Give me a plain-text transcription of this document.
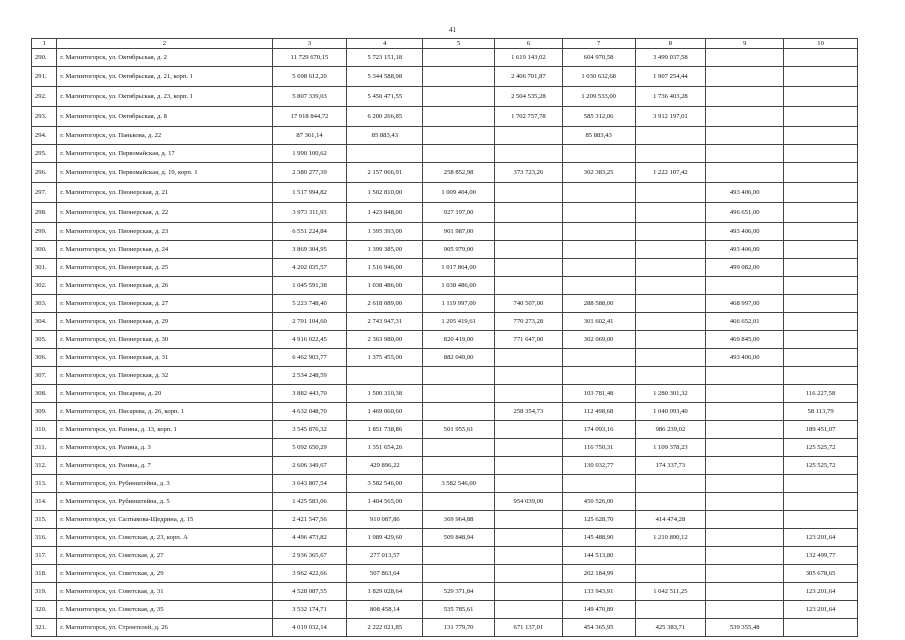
41
1	2	3	4	5	6	7	8	9	10
290.	г. Магнитогорск, ул. Октябрьская, д. 2	11 729 670,15	5 723 151,18		1 619 143,02	604 970,58	3 499 037,58		
291.	г. Магнитогорск, ул. Октябрьская, д. 21, корп. 1	5 698 612,20	5 344 588,98		2 406 701,87	1 030 632,68	1 907 254,44		
292.	г. Магнитогорск, ул. Октябрьская, д. 23, корп. 1	5 807 339,03	5 450 471,55		2 504 535,28	1 209 533,00	1 736 403,28		
293.	г. Магнитогорск, ул. Октябрьская, д. 8	17 918 844,72	6 200 266,85		1 702 757,78	585 312,06	3 912 197,01		
294.	г. Магнитогорск, ул. Панькова, д. 22	87 361,14	85 883,43			85 883,43			
295.	г. Магнитогорск, ул. Первомайская, д. 17	1 990 100,62							
296.	г. Магнитогорск, ул. Первомайская, д. 19, корп. 1	2 380 277,39	2 157 066,91	258 852,98	373 723,26	302 383,25	1 222 107,42		
297.	г. Магнитогорск, ул. Пионерская, д. 21	1 517 994,82	1 502 810,00	1 009 404,00				493 406,00	
298.	г. Магнитогорск, ул. Пионерская, д. 22	3 973 311,93	1 423 848,00	927 197,00				496 651,00	
299.	г. Магнитогорск, ул. Пионерская, д. 23	6 551 224,84	1 395 393,00	901 987,00				493 406,00	
300.	г. Магнитогорск, ул. Пионерская, д. 24	3 869 304,95	1 399 385,00	905 979,00				493 406,00	
301.	г. Магнитогорск, ул. Пионерская, д. 25	4 202 035,57	1 516 946,00	1 017 864,00				499 082,00	
302.	г. Магнитогорск, ул. Пионерская, д. 26	1 045 591,38	1 038 486,00	1 038 486,00					
303.	г. Магнитогорск, ул. Пионерская, д. 27	5 223 748,40	2 618 089,00	1 119 997,00	740 507,00	288 588,00		468 997,00	
304.	г. Магнитогорск, ул. Пионерская, д. 29	2 791 104,60	2 743 947,31	1 205 419,61	770 273,28	301 602,41		466 652,01	
305.	г. Магнитогорск, ул. Пионерская, д. 30	4 916 022,45	2 363 980,00	820 419,00	771 647,00	302 069,00		469 845,00	
306.	г. Магнитогорск, ул. Пионерская, д. 31	6 462 903,77	1 375 455,00	882 049,00				493 406,00	
307.	г. Магнитогорск, ул. Пионерская, д. 32	2 534 248,59							
308.	г. Магнитогорск, ул. Писарева, д. 20	3 882 443,70	1 500 310,38			103 781,48	1 280 301,32		116 227,58
309.	г. Магнитогорск, ул. Писарева, д. 26, корп. 1	4 632 048,70	1 469 060,60		258 354,73	112 498,68	1 040 093,40		58 113,79
310.	г. Магнитогорск, ул. Разина, д. 13, корп. 1	3 545 876,32	1 851 738,86	501 955,61		174 093,16	986 239,02		189 451,07
311.	г. Магнитогорск, ул. Разина, д. 3	5 092 650,29	1 351 654,26			116 750,31	1 109 378,23		125 525,72
312.	г. Магнитогорск, ул. Разина, д. 7	2 606 349,67	429 896,22			130 032,77	174 337,73		125 525,72
313.	г. Магнитогорск, ул. Рубинштейна, д. 3	3 643 807,54	3 582 546,00	3 582 546,00					
314.	г. Магнитогорск, ул. Рубинштейна, д. 5	1 425 583,06	1 404 565,00		954 039,00	450 526,00			
315.	г. Магнитогорск, ул. Салтыкова-Щедрина, д. 15	2 421 547,56	910 087,86	369 964,88		125 628,70	414 474,28		
316.	г. Магнитогорск, ул. Советская, д. 23, корп. А	4 496 473,82	1 989 429,60	509 848,94		145 488,90	1 210 890,12		123 201,64
317.	г. Магнитогорск, ул. Советская, д. 27	2 936 365,67	277 013,57			144 513,80			132 499,77
318.	г. Магнитогорск, ул. Советская, д. 29	3 962 422,66	507 863,64			202 184,99			305 678,65
319.	г. Магнитогорск, ул. Советская, д. 31	4 528 087,55	1 829 028,64	529 371,84		133 943,91	1 042 511,25		123 201,64
320.	г. Магнитогорск, ул. Советская, д. 35	3 532 174,71	808 458,14	535 785,61		149 470,89			123 201,64
321.	г. Магнитогорск, ул. Строителей, д. 26	4 019 032,14	2 222 021,85	131 779,70	671 137,01	454 365,95	425 383,71	539 355,48	
